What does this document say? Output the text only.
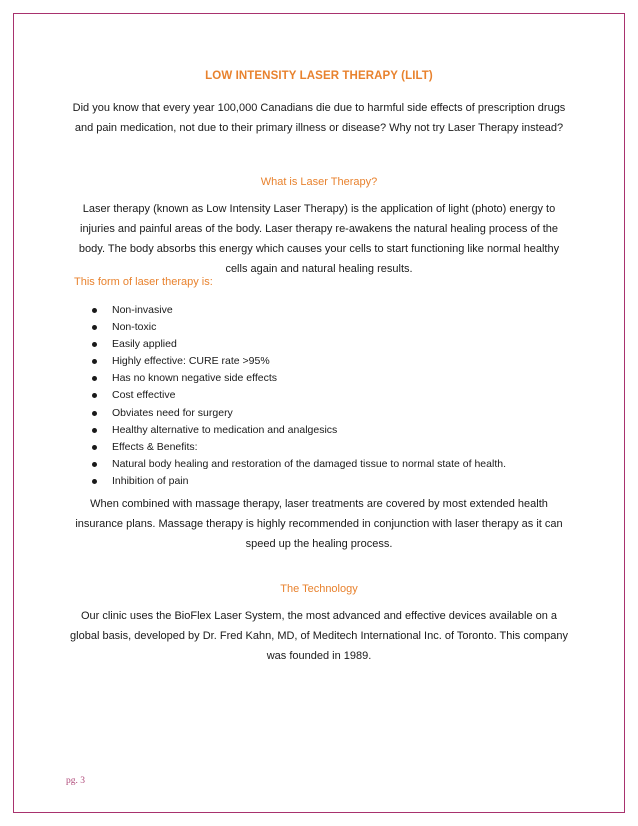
LOW INTENSITY LASER THERAPY (LILT)
Did you know that every year 100,000 Canadians die due to harmful side effects of prescription drugs and pain medication, not due to their primary illness or disease? Why not try Laser Therapy instead?
What is Laser Therapy?
Laser therapy (known as Low Intensity Laser Therapy) is the application of light (photo) energy to injuries and painful areas of the body. Laser therapy re-awakens the natural healing process of the body. The body absorbs this energy which causes your cells to start functioning like normal healthy cells again and natural healing results.
This form of laser therapy is:
Non-invasive
Non-toxic
Easily applied
Highly effective: CURE rate >95%
Has no known negative side effects
Cost effective
Obviates need for surgery
Healthy alternative to medication and analgesics
Effects & Benefits:
Natural body healing and restoration of the damaged tissue to normal state of health.
Inhibition of pain
When combined with massage therapy, laser treatments are covered by most extended health insurance plans. Massage therapy is highly recommended in conjunction with laser therapy as it can speed up the healing process.
The Technology
Our clinic uses the BioFlex Laser System, the most advanced and effective devices available on a global basis, developed by Dr. Fred Kahn, MD, of Meditech International Inc. of Toronto. This company was founded in 1989.
pg. 3
